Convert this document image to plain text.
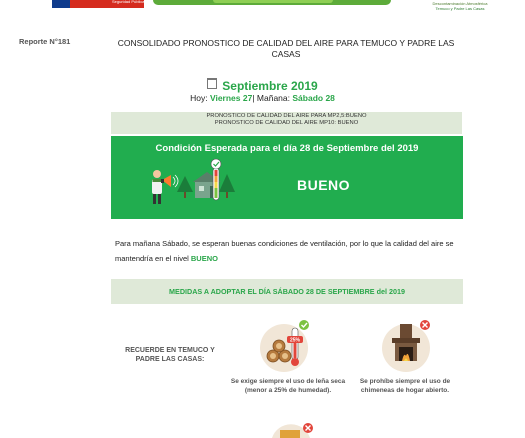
Seguridad Pública	Descontaminación Atmosférica
Temuco y Padre Las Casas
Reporte N°181	CONSOLIDADO PRONOSTICO DE CALIDAD DEL AIRE PARA TEMUCO Y PADRE LAS CASAS
Septiembre 2019
Hoy: Viernes 27| Mañana: Sábado 28
PRONOSTICO DE CALIDAD DEL AIRE PARA MP2,5:BUENO
PRONOSTICO DE CALIDAD DEL AIRE MP10: BUENO
Condición Esperada para el día 28 de Septiembre del 2019
BUENO
Para mañana Sábado, se esperan buenas condiciones de ventilación, por lo que la calidad del aire se mantendría en el nivel BUENO
MEDIDAS A ADOPTAR EL DÍA SÁBADO 28 DE SEPTIEMBRE del 2019
RECUERDE EN TEMUCO Y PADRE LAS CASAS:
25%
Se exige siempre el uso de leña seca (menor a 25% de humedad).
Se prohíbe siempre el uso de chimeneas de hogar abierto.
